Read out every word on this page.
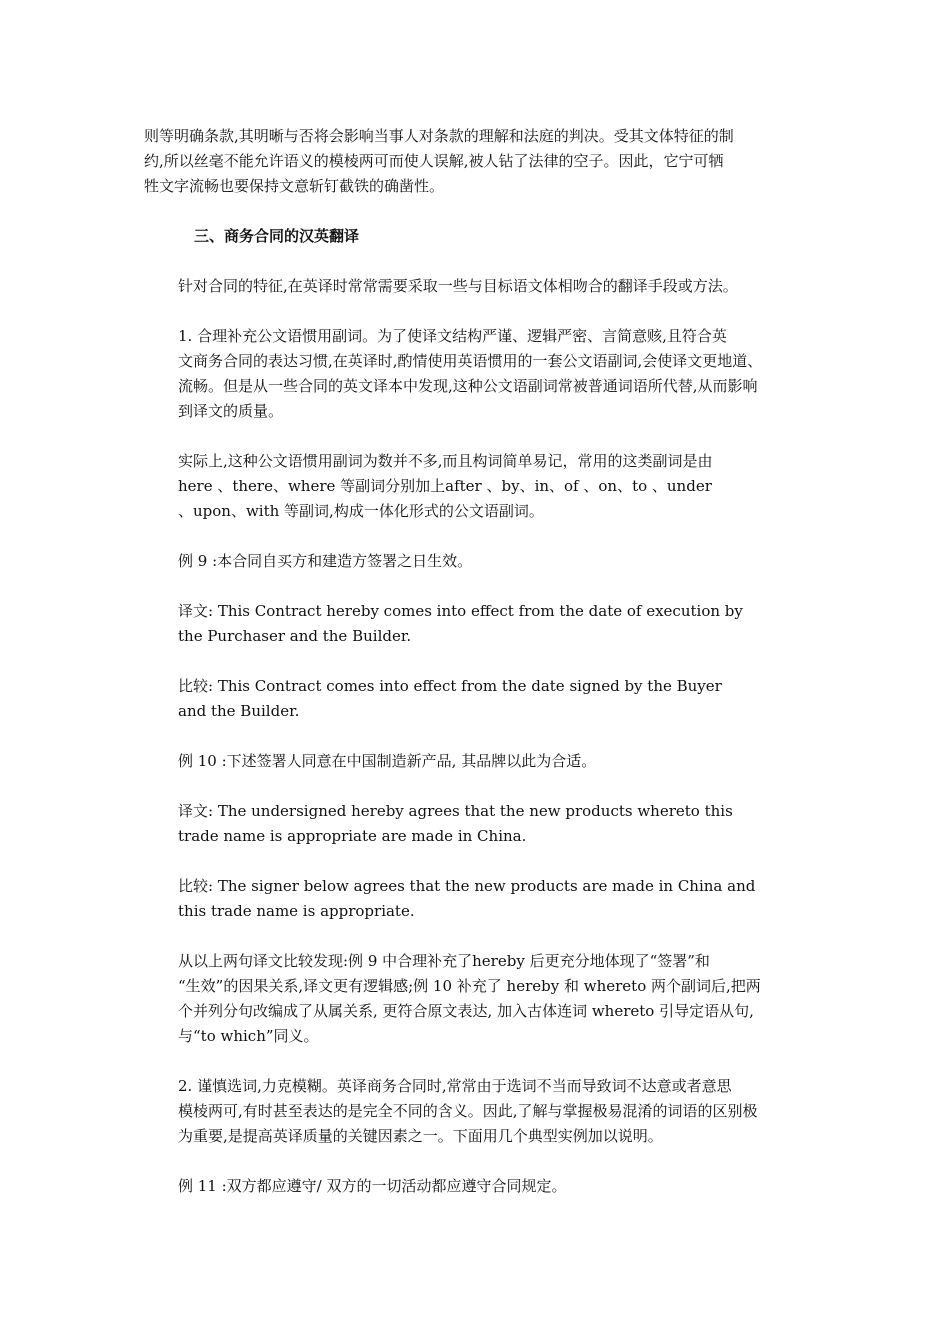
则等明确条款,其明晰与否将会影响当事人对条款的理解和法庭的判决。受其文体特征的制
约,所以丝毫不能允许语义的模棱两可而使人误解,被人钻了法律的空子。因此，它宁可牺
牲文字流畅也要保持文意斩钉截铁的确凿性。
三、商务合同的汉英翻译
针对合同的特征,在英译时常常需要采取一些与目标语文体相吻合的翻译手段或方法。
1. 合理补充公文语惯用副词。为了使译文结构严谨、逻辑严密、言简意赅,且符合英
文商务合同的表达习惯,在英译时,酌情使用英语惯用的一套公文语副词,会使译文更地道、
流畅。但是从一些合同的英文译本中发现,这种公文语副词常被普通词语所代替,从而影响
到译文的质量。
实际上,这种公文语惯用副词为数并不多,而且构词简单易记，常用的这类副词是由
here 、there、where 等副词分别加上after 、by、in、of 、on、to 、under
、upon、with 等副词,构成一体化形式的公文语副词。
例 9 :本合同自买方和建造方签署之日生效。
译文: This Contract hereby comes into effect from the date of execution by
the Purchaser and the Builder.
比较: This Contract comes into effect from the date signed by the Buyer
and the Builder.
例 10 :下述签署人同意在中国制造新产品, 其品牌以此为合适。
译文: The undersigned hereby agrees that the new products whereto this
trade name is appropriate are made in China.
比较: The signer below agrees that the new products are made in China and
this trade name is appropriate.
从以上两句译文比较发现:例 9 中合理补充了hereby 后更充分地体现了“签署”和
“生效”的因果关系,译文更有逻辑感;例 10 补充了 hereby 和 whereto 两个副词后,把两
个并列分句改编成了从属关系, 更符合原文表达, 加入古体连词 whereto 引导定语从句,
与“to which”同义。
2. 谨慎选词,力克模糊。英译商务合同时,常常由于选词不当而导致词不达意或者意思
模棱两可,有时甚至表达的是完全不同的含义。因此,了解与掌握极易混淆的词语的区别极
为重要,是提高英译质量的关键因素之一。下面用几个典型实例加以说明。
例 11 :双方都应遵守/ 双方的一切活动都应遵守合同规定。
